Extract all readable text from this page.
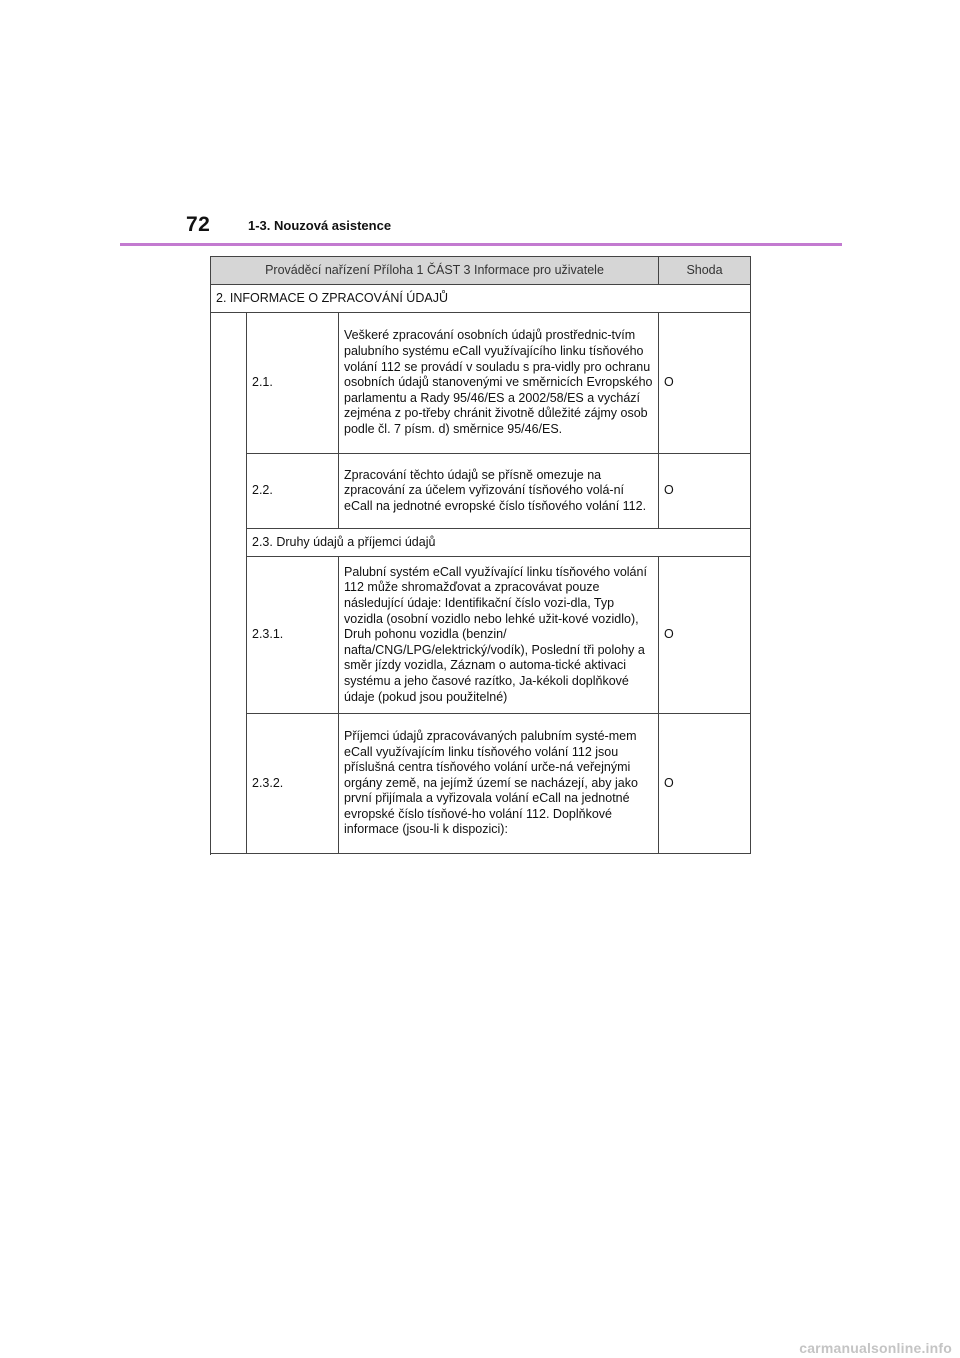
72	1-3. Nouzová asistence
Prováděcí nařízení Příloha 1 ČÁST 3 Informace pro uživatele			Shoda
2. INFORMACE O ZPRACOVÁNÍ ÚDAJŮ			
	2.1.	Veškeré zpracování osobních údajů prostřednic-tvím palubního systému eCall využívajícího linku tísňového volání 112 se provádí v souladu s pra-vidly pro ochranu osobních údajů stanovenými ve směrnicích Evropského parlamentu a Rady 95/46/ES a 2002/58/ES a vychází zejména z po-třeby chránit životně důležité zájmy osob podle čl. 7 písm. d) směrnice 95/46/ES.	O
	2.2.	Zpracování těchto údajů se přísně omezuje na zpracování za účelem vyřizování tísňového volá-ní eCall na jednotné evropské číslo tísňového volání 112.	O
	2.3. Druhy údajů a příjemci údajů		
	2.3.1.	Palubní systém eCall využívající linku tísňového volání 112 může shromažďovat a zpracovávat pouze následující údaje: Identifikační číslo vozi-dla, Typ vozidla (osobní vozidlo nebo lehké užit-kové vozidlo), Druh pohonu vozidla (benzin/ nafta/CNG/LPG/elektrický/vodík), Poslední tři polohy a směr jízdy vozidla, Záznam o automa-tické aktivaci systému a jeho časové razítko, Ja-kékoli doplňkové údaje (pokud jsou použitelné)	O
	2.3.2.	Příjemci údajů zpracovávaných palubním systé-mem eCall využívajícím linku tísňového volání 112 jsou příslušná centra tísňového volání urče-ná veřejnými orgány země, na jejímž území se nacházejí, aby jako první přijímala a vyřizovala volání eCall na jednotné evropské číslo tísňové-ho volání 112. Doplňkové informace (jsou-li k dispozici):	O

carmanualsonline.info
